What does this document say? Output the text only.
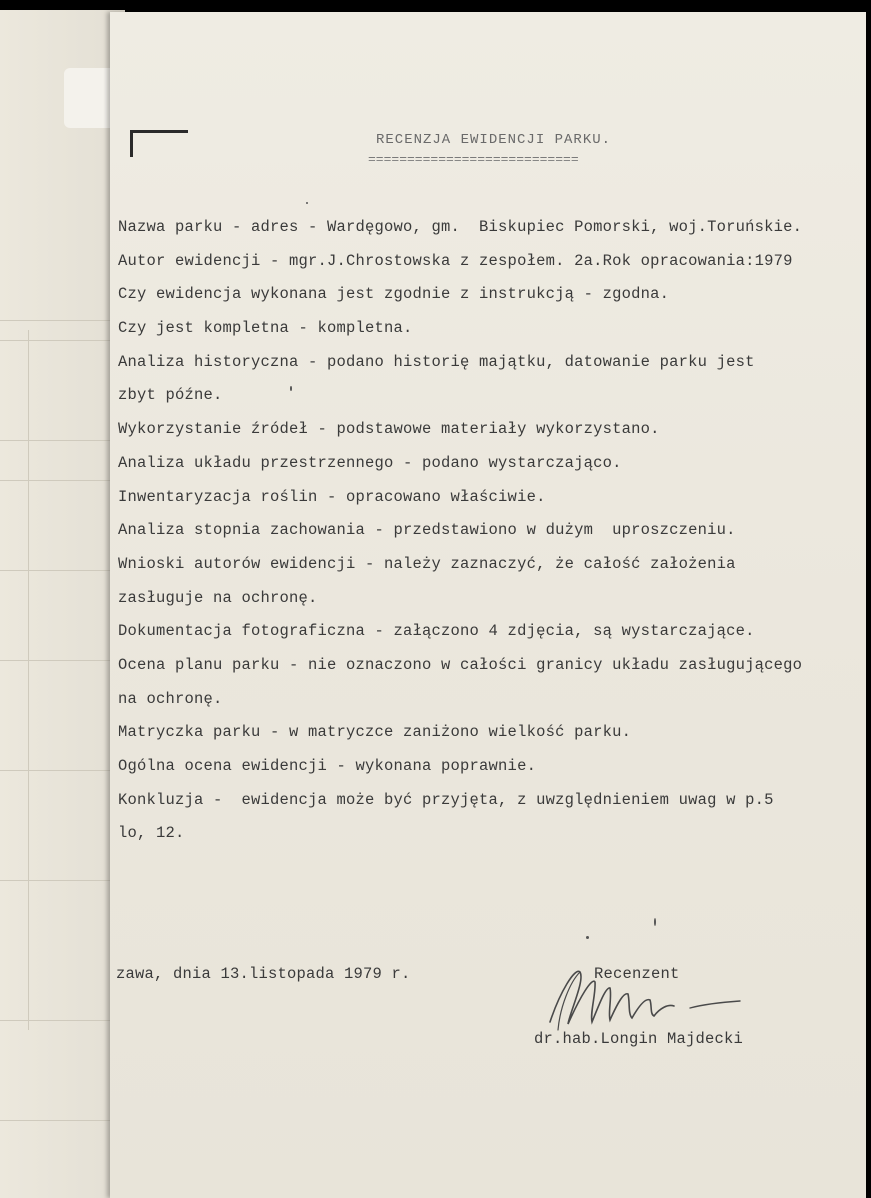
RECENZJA EWIDENCJI PARKU.
===========================
Nazwa parku - adres - Wardęgowo, gm.  Biskupiec Pomorski, woj.Toruńskie.
Autor ewidencji - mgr.J.Chrostowska z zespołem. 2a.Rok opracowania:1979
Czy ewidencja wykonana jest zgodnie z instrukcją - zgodna.
Czy jest kompletna - kompletna.
Analiza historyczna - podano historię majątku, datowanie parku jest
zbyt późne.
Wykorzystanie źródeł - podstawowe materiały wykorzystano.
Analiza układu przestrzennego - podano wystarczająco.
Inwentaryzacja roślin - opracowano właściwie.
Analiza stopnia zachowania - przedstawiono w dużym  uproszczeniu.
Wnioski autorów ewidencji - należy zaznaczyć, że całość założenia
zasługuje na ochronę.
Dokumentacja fotograficzna - załączono 4 zdjęcia, są wystarczające.
Ocena planu parku - nie oznaczono w całości granicy układu zasługującego
na ochronę.
Matryczka parku - w matryczce zaniżono wielkość parku.
Ogólna ocena ewidencji - wykonana poprawnie.
Konkluzja -  ewidencja może być przyjęta, z uwzględnieniem uwag w p.5
lo, 12.
zawa, dnia 13.listopada 1979 r.	Recenzent
dr.hab.Longin Majdecki
